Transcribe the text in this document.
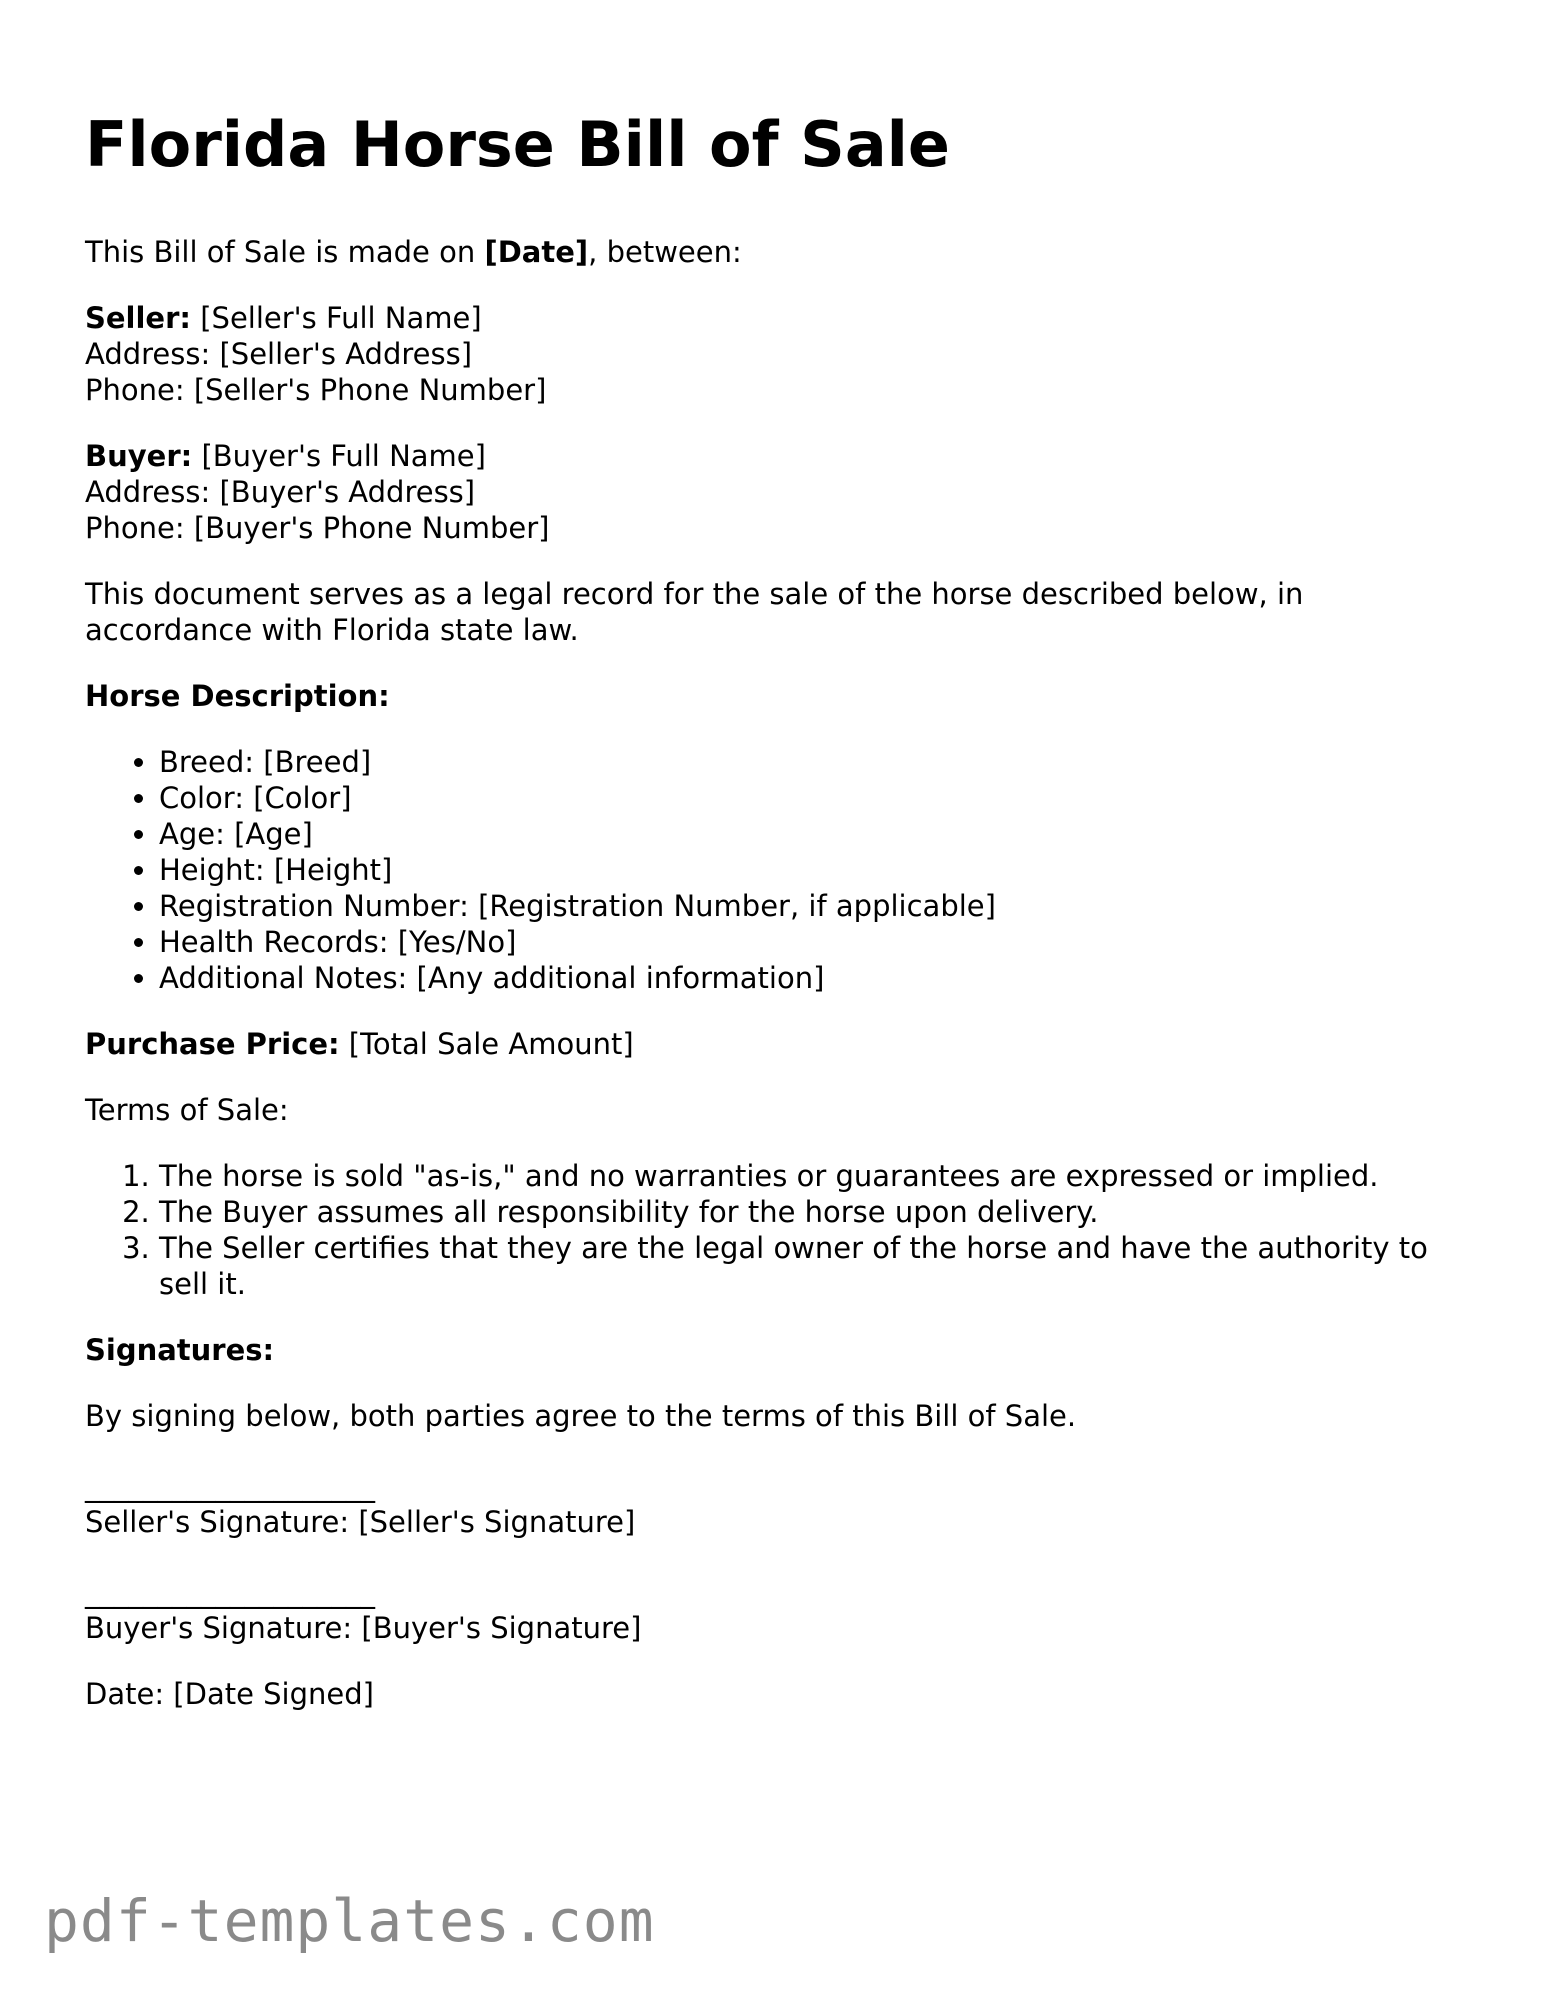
Florida Horse Bill of Sale

This Bill of Sale is made on [Date], between:

Seller: [Seller's Full Name]
Address: [Seller's Address]
Phone: [Seller's Phone Number]
Buyer: [Buyer's Full Name]
Address: [Buyer's Address]
Phone: [Buyer's Phone Number]

This document serves as a legal record for the sale of the horse described below, in accordance with Florida state law.

Horse Description:

• Breed: [Breed]
• Color: [Color]
• Age: [Age]
• Height: [Height]
• Registration Number: [Registration Number, if applicable]
• Health Records: [Yes/No]
• Additional Notes: [Any additional information]

Purchase Price: [Total Sale Amount]

Terms of Sale:

1. The horse is sold "as-is," and no warranties or guarantees are expressed or implied.
2. The Buyer assumes all responsibility for the horse upon delivery.
3. The Seller certifies that they are the legal owner of the horse and have the authority to sell it.

Signatures:

By signing below, both parties agree to the terms of this Bill of Sale.

____________________
Seller's Signature: [Seller's Signature]
____________________
Buyer's Signature: [Buyer's Signature]

Date: [Date Signed]

pdf-templates.com
